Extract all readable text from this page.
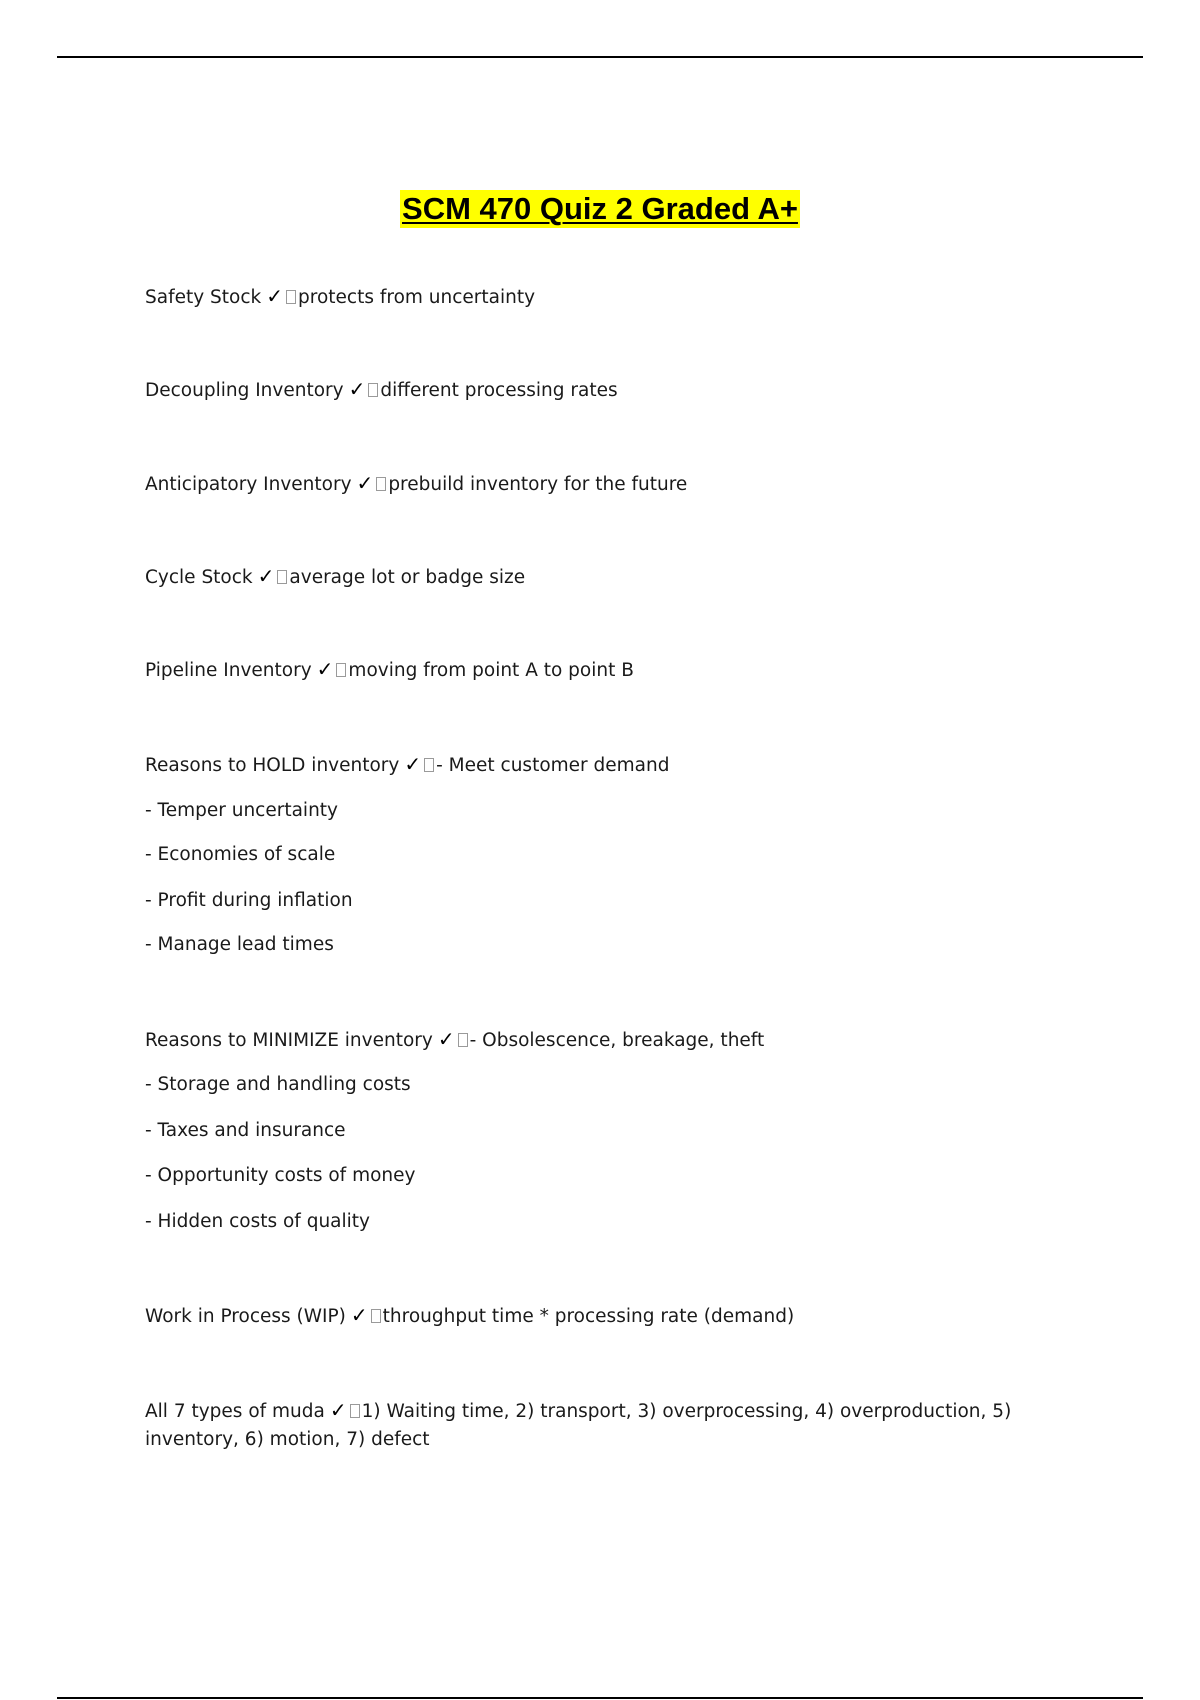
SCM 470 Quiz 2 Graded A+
Safety Stock ✓ protects from uncertainty
Decoupling Inventory ✓ different processing rates
Anticipatory Inventory ✓ prebuild inventory for the future
Cycle Stock ✓ average lot or badge size
Pipeline Inventory ✓ moving from point A to point B
Reasons to HOLD inventory ✓ - Meet customer demand
- Temper uncertainty
- Economies of scale
- Profit during inflation
- Manage lead times
Reasons to MINIMIZE inventory ✓ - Obsolescence, breakage, theft
- Storage and handling costs
- Taxes and insurance
- Opportunity costs of money
- Hidden costs of quality
Work in Process (WIP) ✓ throughput time * processing rate (demand)
All 7 types of muda ✓ 1) Waiting time, 2) transport, 3) overprocessing, 4) overproduction, 5) inventory, 6) motion, 7) defect
